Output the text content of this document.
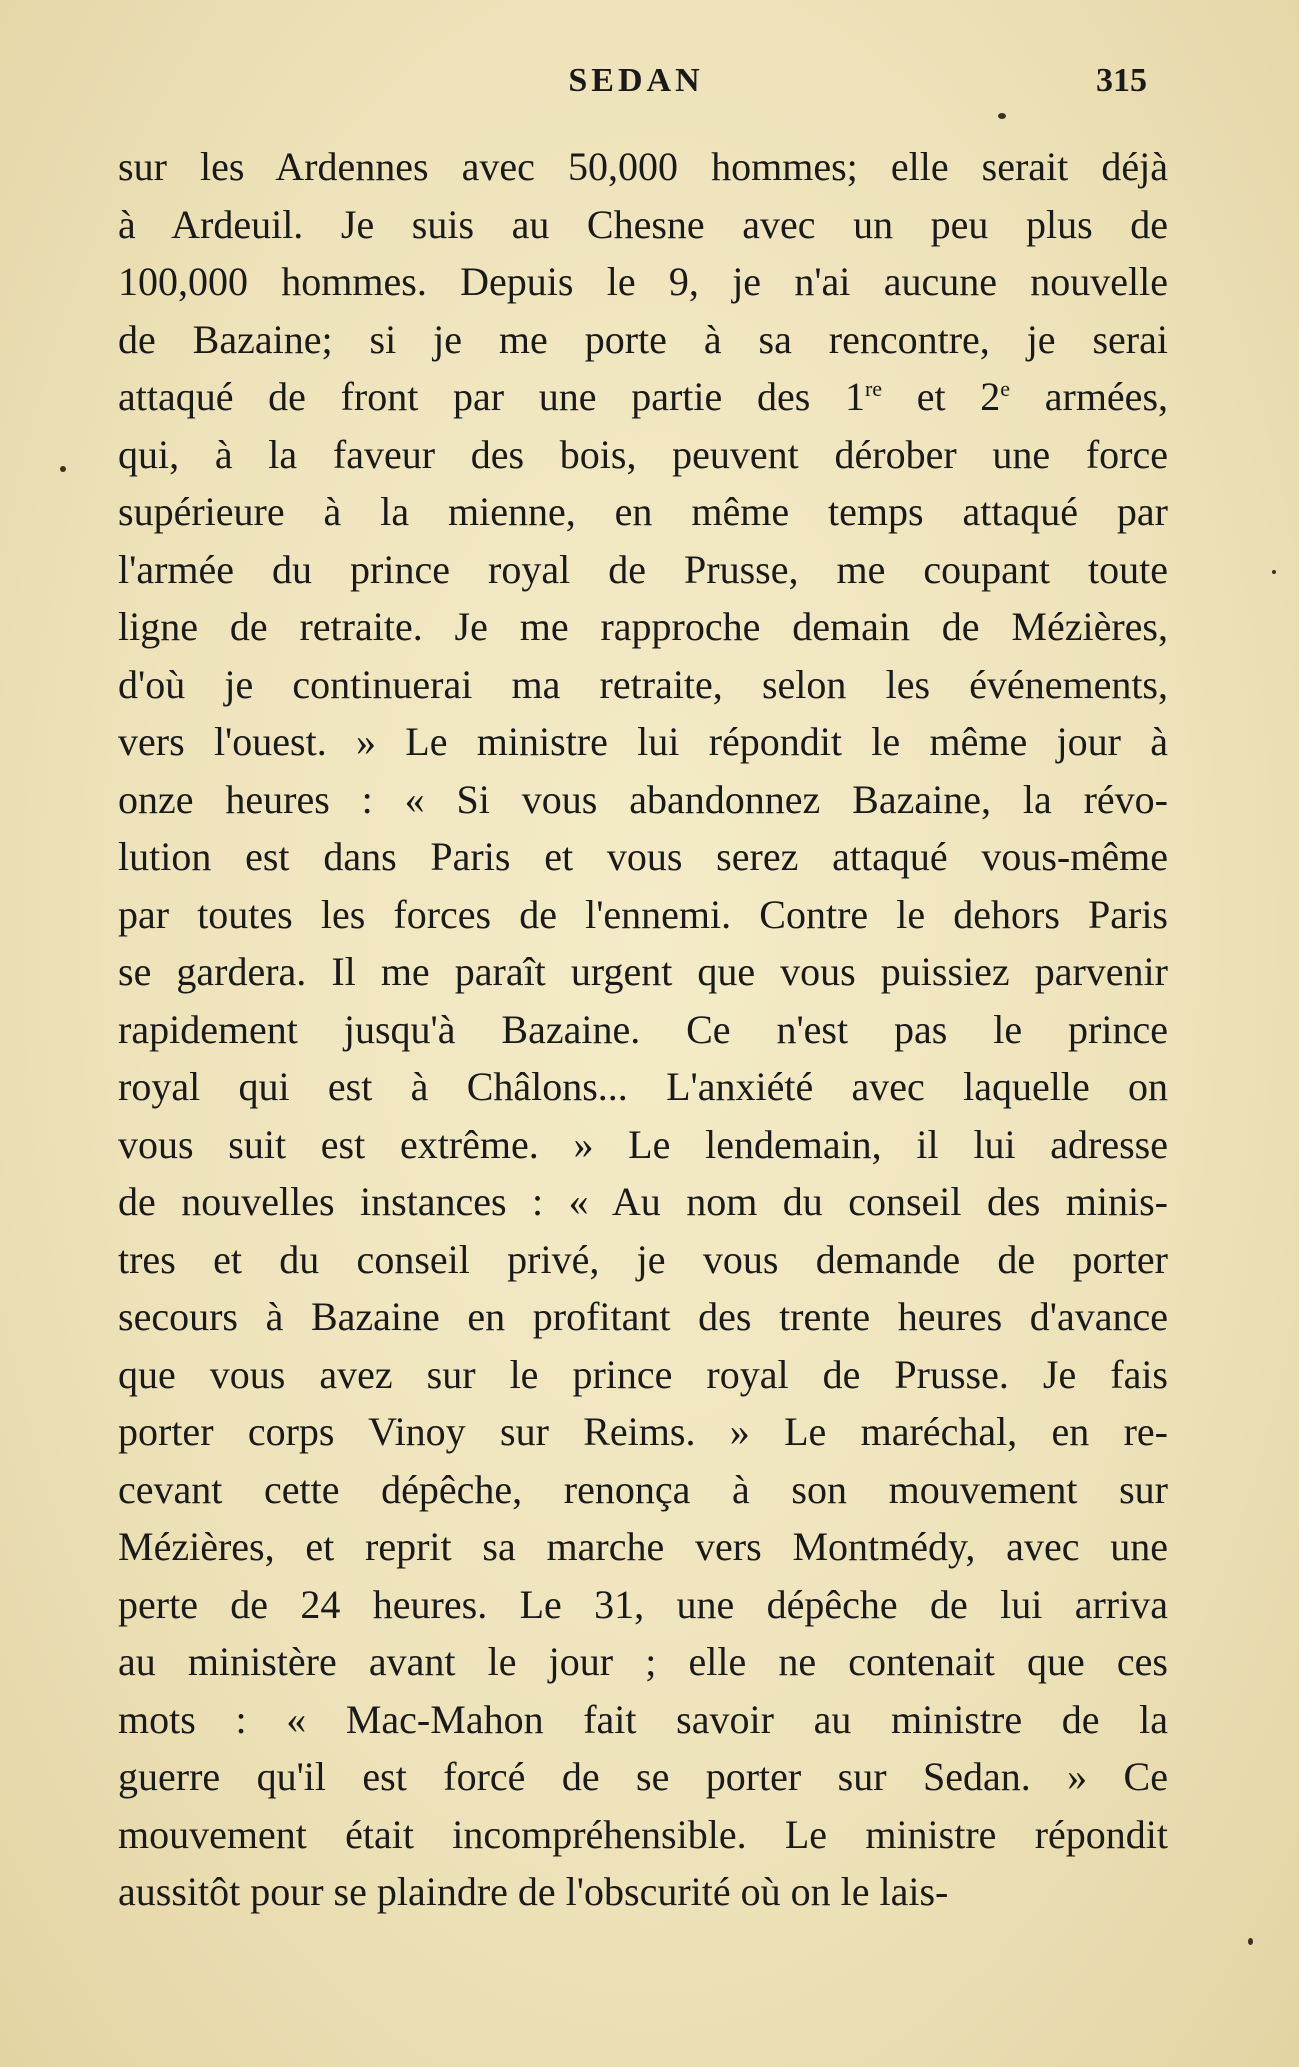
SEDAN	315
sur les Ardennes avec 50,000 hommes; elle serait déjà
à Ardeuil. Je suis au Chesne avec un peu plus de
100,000 hommes. Depuis le 9, je n'ai aucune nouvelle
de Bazaine; si je me porte à sa rencontre, je serai
attaqué de front par une partie des 1re et 2e armées,
qui, à la faveur des bois, peuvent dérober une force
supérieure à la mienne, en même temps attaqué par
l'armée du prince royal de Prusse, me coupant toute
ligne de retraite. Je me rapproche demain de Mézières,
d'où je continuerai ma retraite, selon les événements,
vers l'ouest. » Le ministre lui répondit le même jour à
onze heures : « Si vous abandonnez Bazaine, la révo-
lution est dans Paris et vous serez attaqué vous-même
par toutes les forces de l'ennemi. Contre le dehors Paris
se gardera. Il me paraît urgent que vous puissiez parvenir
rapidement jusqu'à Bazaine. Ce n'est pas le prince
royal qui est à Châlons... L'anxiété avec laquelle on
vous suit est extrême. » Le lendemain, il lui adresse
de nouvelles instances : « Au nom du conseil des minis-
tres et du conseil privé, je vous demande de porter
secours à Bazaine en profitant des trente heures d'avance
que vous avez sur le prince royal de Prusse. Je fais
porter corps Vinoy sur Reims. » Le maréchal, en re-
cevant cette dépêche, renonça à son mouvement sur
Mézières, et reprit sa marche vers Montmédy, avec une
perte de 24 heures. Le 31, une dépêche de lui arriva
au ministère avant le jour ; elle ne contenait que ces
mots : « Mac-Mahon fait savoir au ministre de la
guerre qu'il est forcé de se porter sur Sedan. » Ce
mouvement était incompréhensible. Le ministre répondit
aussitôt pour se plaindre de l'obscurité où on le lais-
